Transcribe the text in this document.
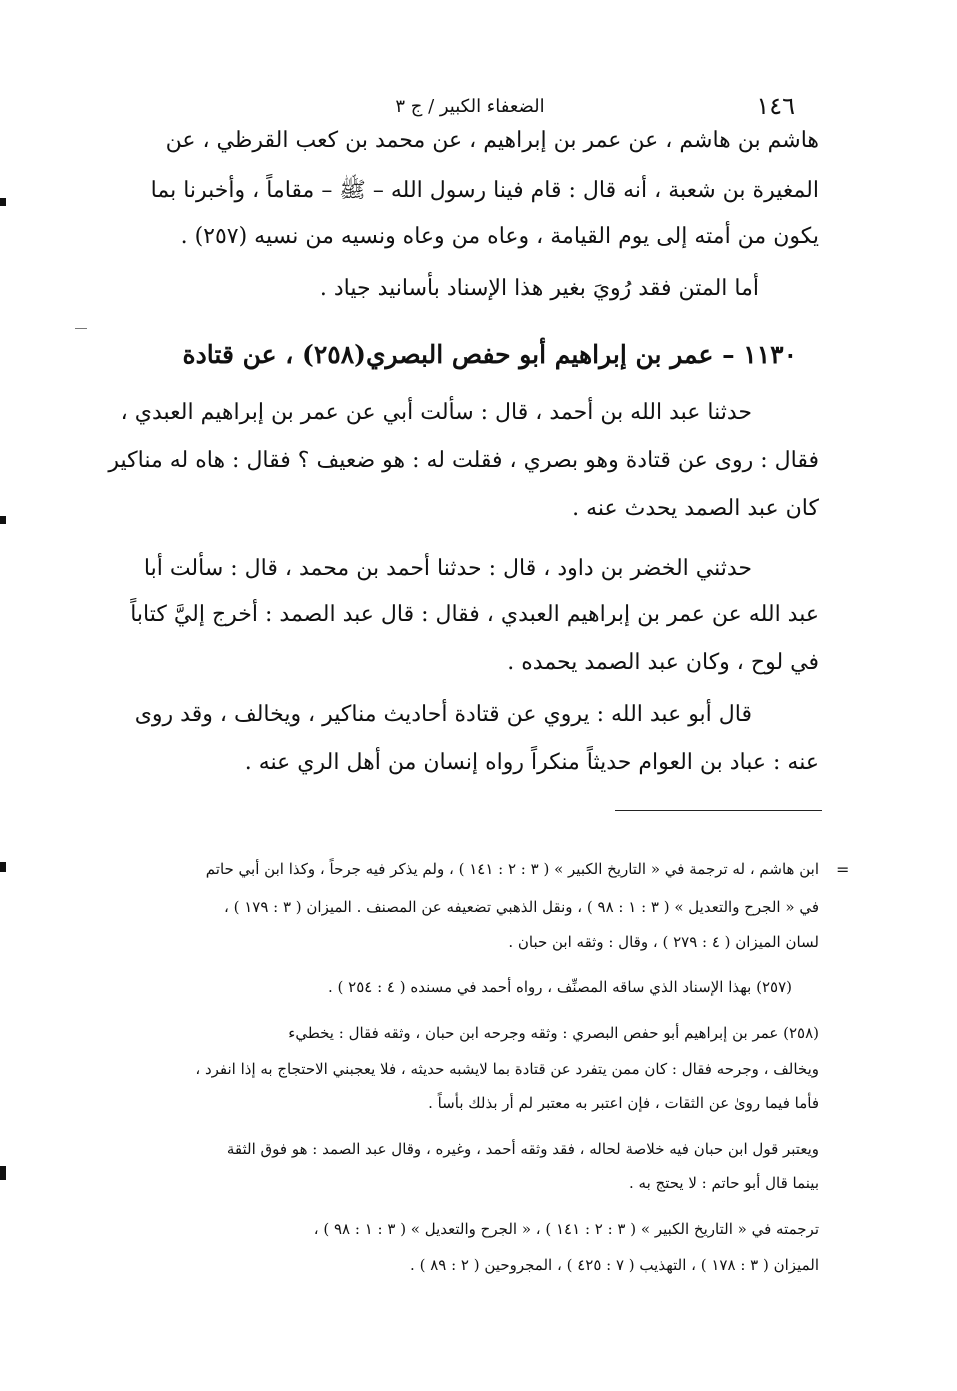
١٤٦
الضعفاء الكبير / ج ٣
هاشم بن هاشم ، عن عمر بن إبراهيم ، عن محمد بن كعب القرظي ، عن
المغيرة بن شعبة ، أنه قال : قام فينا رسول الله – ﷺ – مقاماً ، وأخبرنا بما
يكون من أمته إلى يوم القيامة ، وعاه من وعاه ونسيه من نسيه (٢٥٧) .
أما المتن فقد رُويَ بغير هذا الإسناد بأسانيد جياد .
١١٣٠ – عمر بن إبراهيم أبو حفص البصري(٢٥٨) ، عن قتادة
حدثنا عبد الله بن أحمد ، قال : سألت أبي عن عمر بن إبراهيم العبدي ،
فقال : روى عن قتادة وهو بصري ، فقلت له : هو ضعيف ؟ فقال : هاه له مناكير
كان عبد الصمد يحدث عنه .
حدثني الخضر بن داود ، قال : حدثنا أحمد بن محمد ، قال : سألت أبا
عبد الله عن عمر بن إبراهيم العبدي ، فقال : قال عبد الصمد : أخرج إليَّ كتاباً
في لوح ، وكان عبد الصمد يحمده .
قال أبو عبد الله : يروي عن قتادة أحاديث مناكير ، ويخالف ، وقد روى
عنه : عباد بن العوام حديثاً منكراً رواه إنسان من أهل الري عنه .
=
ابن هاشم ، له ترجمة في « التاريخ الكبير » ( ٣ : ٢ : ١٤١ ) ، ولم يذكر فيه جرحاً ، وكذا ابن أبي حاتم
في « الجرح والتعديل » ( ٣ : ١ : ٩٨ ) ، ونقل الذهبي تضعيفه عن المصنف . الميزان ( ٣ : ١٧٩ ) ،
لسان الميزان ( ٤ : ٢٧٩ ) ، وقال : وثقه ابن حبان .
(٢٥٧) بهذا الإسناد الذي ساقه المصنِّف ، رواه أحمد في مسنده ( ٤ : ٢٥٤ ) .
(٢٥٨) عمر بن إبراهيم أبو حفص البصري : وثقه وجرحه ابن حبان ، وثقه فقال : يخطيء
ويخالف ، وجرحه فقال : كان ممن يتفرد عن قتادة بما لايشبه حديثه ، فلا يعجبني الاحتجاج به إذا انفرد ،
فأما فيما روىٰ عن الثقات ، فإن اعتبر به معتبر لم أر بذلك بأساً .
ويعتبر قول ابن حبان فيه خلاصة لحاله ، فقد وثقه أحمد ، وغيره ، وقال عبد الصمد : هو فوق الثقة
بينما قال أبو حاتم : لا يحتج به .
ترجمته في « التاريخ الكبير » ( ٣ : ٢ : ١٤١ ) ، « الجرح والتعديل » ( ٣ : ١ : ٩٨ ) ،
الميزان ( ٣ : ١٧٨ ) ، التهذيب ( ٧ : ٤٢٥ ) ، المجروحين ( ٢ : ٨٩ ) .
